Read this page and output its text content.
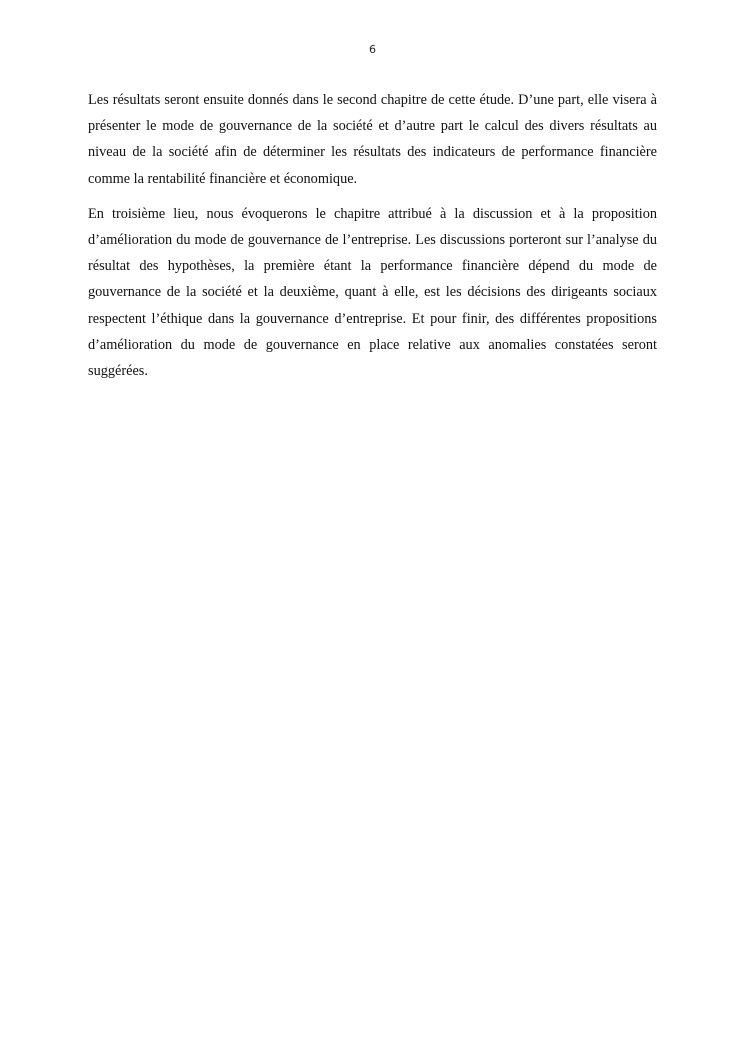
6

Les résultats seront ensuite donnés dans le second chapitre de cette étude. D’une part, elle visera à présenter le mode de gouvernance de la société et d’autre part le calcul des divers résultats au niveau de la société afin de déterminer les résultats des indicateurs de performance financière comme la rentabilité financière et économique.

En troisième lieu, nous évoquerons le chapitre attribué à la discussion et à la proposition d’amélioration du mode de gouvernance de l’entreprise. Les discussions porteront sur l’analyse du résultat des hypothèses, la première étant la performance financière dépend du mode de gouvernance de la société et la deuxième, quant à elle, est les décisions des dirigeants sociaux respectent l’éthique dans la gouvernance d’entreprise. Et pour finir, des différentes propositions d’amélioration du mode de gouvernance en place relative aux anomalies constatées seront suggérées.
